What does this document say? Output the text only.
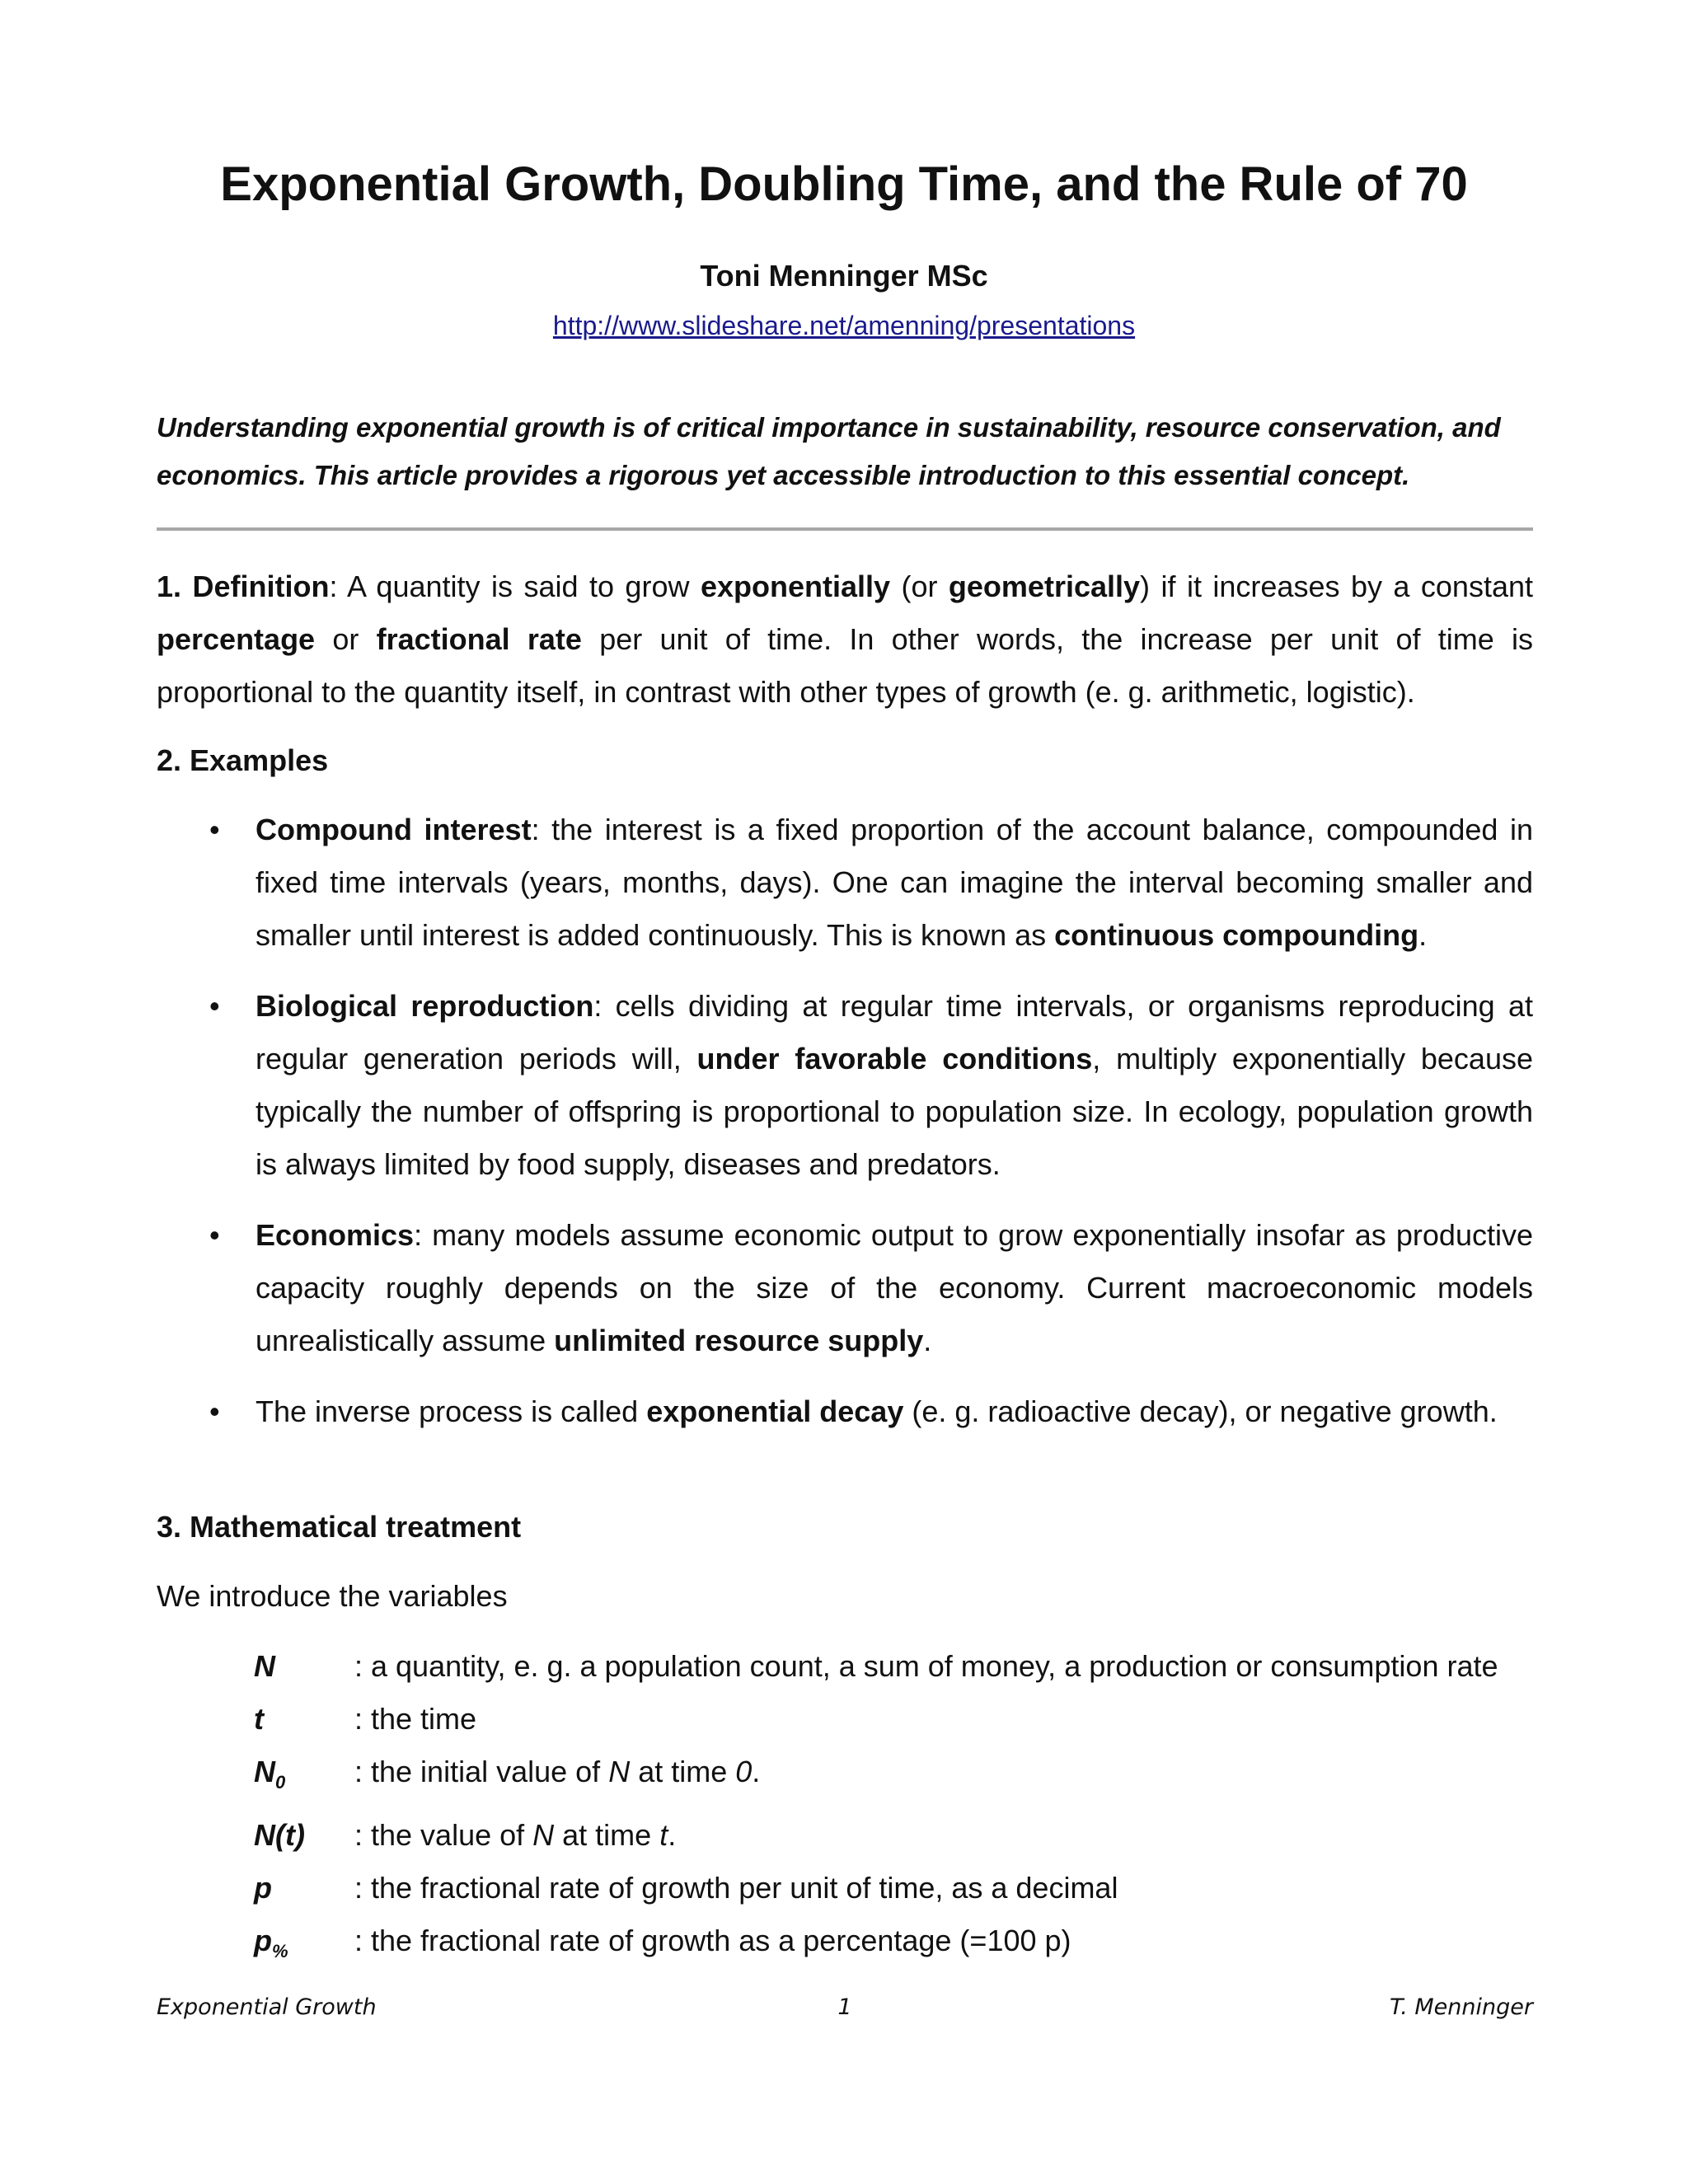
Exponential Growth, Doubling Time, and the Rule of 70
Toni Menninger MSc
http://www.slideshare.net/amenning/presentations
Understanding exponential growth is of critical importance in sustainability, resource conservation, and economics. This article provides a rigorous yet accessible introduction to this essential concept.
1. Definition: A quantity is said to grow exponentially (or geometrically) if it increases by a constant percentage or fractional rate per unit of time. In other words, the increase per unit of time is proportional to the quantity itself, in contrast with other types of growth (e. g. arithmetic, logistic).
2. Examples
• Compound interest: the interest is a fixed proportion of the account balance, compounded in fixed time intervals (years, months, days). One can imagine the interval becoming smaller and smaller until interest is added continuously. This is known as continuous compounding.
• Biological reproduction: cells dividing at regular time intervals, or organisms reproducing at regular generation periods will, under favorable conditions, multiply exponentially because typically the number of offspring is proportional to population size. In ecology, population growth is always limited by food supply, diseases and predators.
• Economics: many models assume economic output to grow exponentially insofar as productive capacity roughly depends on the size of the economy. Current macroeconomic models unrealistically assume unlimited resource supply.
• The inverse process is called exponential decay (e. g. radioactive decay), or negative growth.
3. Mathematical treatment
We introduce the variables
N	: a quantity, e. g. a population count, a sum of money, a production or consumption rate
t	: the time
$N_0$	: the initial value of N at time 0.
N(t)	: the value of N at time t.
p	: the fractional rate of growth per unit of time, as a decimal
$p_{\%}$	: the fractional rate of growth as a percentage (=100 p)
Exponential Growth	1	T. Menninger
